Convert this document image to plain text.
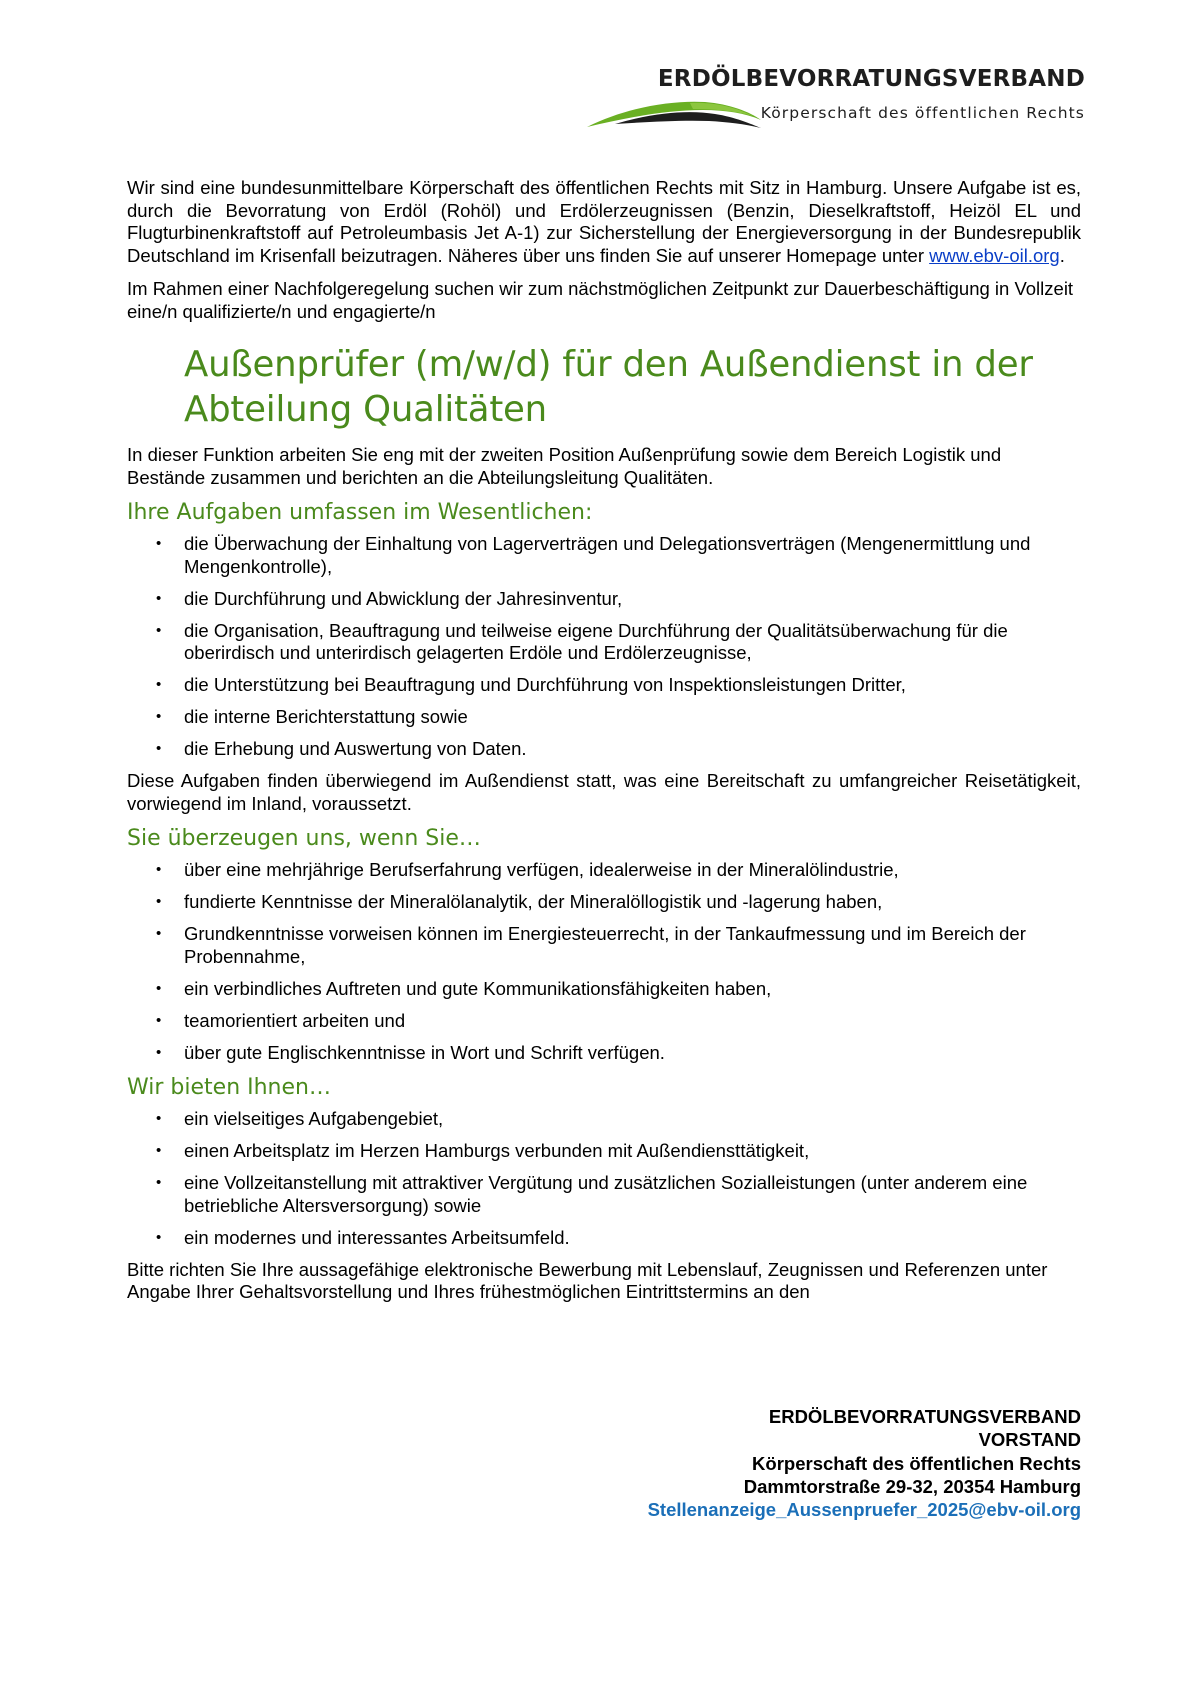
ERDÖLBEVORRATUNGSVERBAND
Körperschaft des öffentlichen Rechts

Wir sind eine bundesunmittelbare Körperschaft des öffentlichen Rechts mit Sitz in Hamburg. Unsere Aufgabe ist es, durch die Bevorratung von Erdöl (Rohöl) und Erdölerzeugnissen (Benzin, Dieselkraftstoff, Heizöl EL und Flugturbinenkraftstoff auf Petroleumbasis Jet A-1) zur Sicherstellung der Energieversorgung in der Bundesrepublik Deutschland im Krisenfall beizutragen. Näheres über uns finden Sie auf unserer Homepage unter www.ebv-oil.org.

Im Rahmen einer Nachfolgeregelung suchen wir zum nächstmöglichen Zeitpunkt zur Dauerbeschäftigung in Vollzeit eine/n qualifizierte/n und engagierte/n

Außenprüfer (m/w/d) für den Außendienst in der Abteilung Qualitäten

In dieser Funktion arbeiten Sie eng mit der zweiten Position Außenprüfung sowie dem Bereich Logistik und Bestände zusammen und berichten an die Abteilungsleitung Qualitäten.

Ihre Aufgaben umfassen im Wesentlichen:
• die Überwachung der Einhaltung von Lagerverträgen und Delegationsverträgen (Mengenermittlung und Mengenkontrolle),
• die Durchführung und Abwicklung der Jahresinventur,
• die Organisation, Beauftragung und teilweise eigene Durchführung der Qualitätsüberwachung für die oberirdisch und unterirdisch gelagerten Erdöle und Erdölerzeugnisse,
• die Unterstützung bei Beauftragung und Durchführung von Inspektionsleistungen Dritter,
• die interne Berichterstattung sowie
• die Erhebung und Auswertung von Daten.

Diese Aufgaben finden überwiegend im Außendienst statt, was eine Bereitschaft zu umfangreicher Reisetätigkeit, vorwiegend im Inland, voraussetzt.

Sie überzeugen uns, wenn Sie…
• über eine mehrjährige Berufserfahrung verfügen, idealerweise in der Mineralölindustrie,
• fundierte Kenntnisse der Mineralölanalytik, der Mineralöllogistik und -lagerung haben,
• Grundkenntnisse vorweisen können im Energiesteuerrecht, in der Tankaufmessung und im Bereich der Probennahme,
• ein verbindliches Auftreten und gute Kommunikationsfähigkeiten haben,
• teamorientiert arbeiten und
• über gute Englischkenntnisse in Wort und Schrift verfügen.
Wir bieten Ihnen…
• ein vielseitiges Aufgabengebiet,
• einen Arbeitsplatz im Herzen Hamburgs verbunden mit Außendiensttätigkeit,
• eine Vollzeitanstellung mit attraktiver Vergütung und zusätzlichen Sozialleistungen (unter anderem eine betriebliche Altersversorgung) sowie
• ein modernes und interessantes Arbeitsumfeld.

Bitte richten Sie Ihre aussagefähige elektronische Bewerbung mit Lebenslauf, Zeugnissen und Referenzen unter Angabe Ihrer Gehaltsvorstellung und Ihres frühestmöglichen Eintrittstermins an den

ERDÖLBEVORRATUNGSVERBAND

VORSTAND

Körperschaft des öffentlichen Rechts

Dammtorstraße 29-32, 20354 Hamburg

Stellenanzeige_Aussenpruefer_2025@ebv-oil.org
